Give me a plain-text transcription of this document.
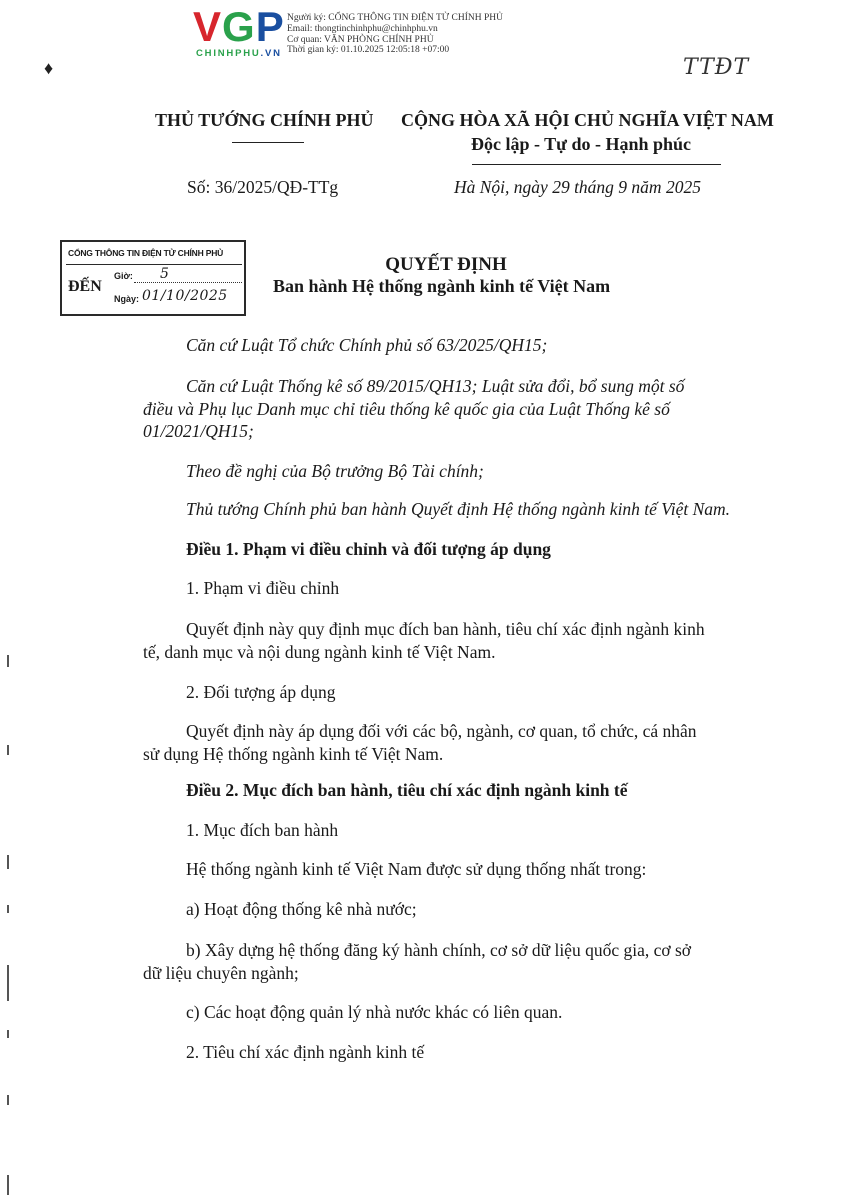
VGP
CHINHPHU.VN
Người ký: CỔNG THÔNG TIN ĐIỆN TỬ CHÍNH PHỦ
Email: thongtinchinhphu@chinhphu.vn
Cơ quan: VĂN PHÒNG CHÍNH PHỦ
Thời gian ký: 01.10.2025 12:05:18 +07:00
TTĐT
♦
THỦ TƯỚNG CHÍNH PHỦ CỘNG HÒA XÃ HỘI CHỦ NGHĨA VIỆT NAM
Độc lập - Tự do - Hạnh phúc
Số: 36/2025/QĐ-TTg	Hà Nội, ngày 29 tháng 9 năm 2025
CỔNG THÔNG TIN ĐIỆN TỬ CHÍNH PHỦ
ĐẾN
Giờ: 5
Ngày: 01/10/2025
QUYẾT ĐỊNH
Ban hành Hệ thống ngành kinh tế Việt Nam
Căn cứ Luật Tổ chức Chính phủ số 63/2025/QH15;
Căn cứ Luật Thống kê số 89/2015/QH13; Luật sửa đổi, bổ sung một số
điều và Phụ lục Danh mục chỉ tiêu thống kê quốc gia của Luật Thống kê số
01/2021/QH15;
Theo đề nghị của Bộ trưởng Bộ Tài chính;
Thủ tướng Chính phủ ban hành Quyết định Hệ thống ngành kinh tế Việt Nam.
Điều 1. Phạm vi điều chỉnh và đối tượng áp dụng
1. Phạm vi điều chỉnh
Quyết định này quy định mục đích ban hành, tiêu chí xác định ngành kinh
tế, danh mục và nội dung ngành kinh tế Việt Nam.
2. Đối tượng áp dụng
Quyết định này áp dụng đối với các bộ, ngành, cơ quan, tổ chức, cá nhân
sử dụng Hệ thống ngành kinh tế Việt Nam.
Điều 2. Mục đích ban hành, tiêu chí xác định ngành kinh tế
1. Mục đích ban hành
Hệ thống ngành kinh tế Việt Nam được sử dụng thống nhất trong:
a) Hoạt động thống kê nhà nước;
b) Xây dựng hệ thống đăng ký hành chính, cơ sở dữ liệu quốc gia, cơ sở
dữ liệu chuyên ngành;
c) Các hoạt động quản lý nhà nước khác có liên quan.
2. Tiêu chí xác định ngành kinh tế
